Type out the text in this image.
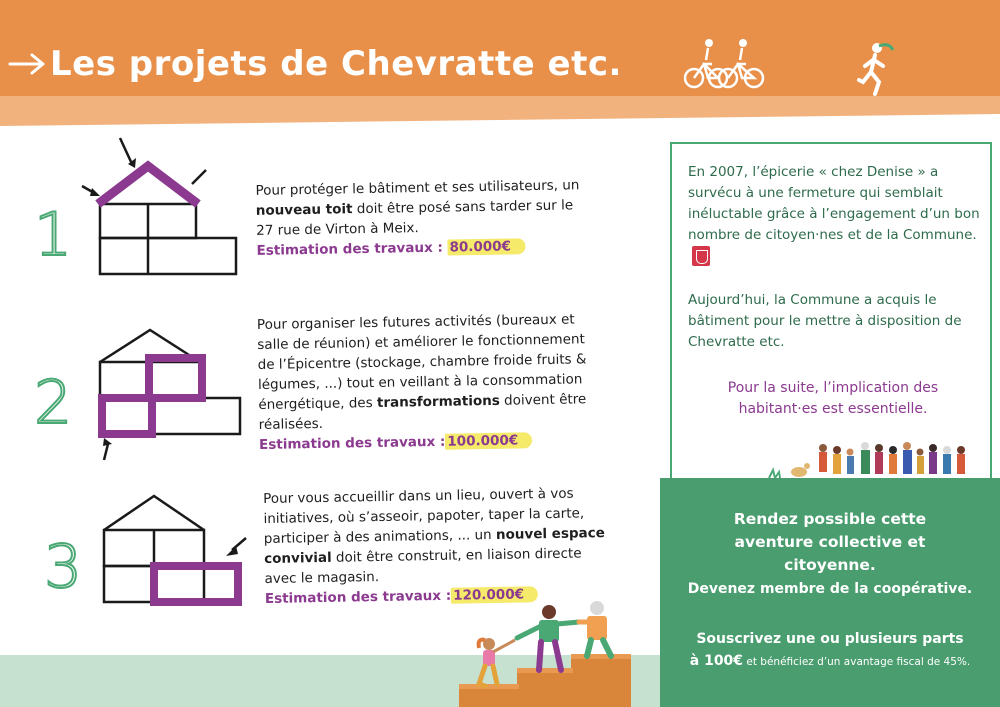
Les projets de Chevratte etc.
1

Pour protéger le bâtiment et ses utilisateurs, un nouveau toit doit être posé sans tarder sur le 27 rue de Virton à Meix.
Estimation des travaux : 80.000€

2

Pour organiser les futures activités (bureaux et salle de réunion) et améliorer le fonctionnement de l’Épicentre (stockage, chambre froide fruits & légumes, ...) tout en veillant à la consommation énergétique, des transformations doivent être réalisées.
Estimation des travaux : 100.000€

3

Pour vous accueillir dans un lieu, ouvert à vos initiatives, où s’asseoir, papoter, taper la carte, participer à des animations, ... un nouvel espace convivial doit être construit, en liaison directe avec le magasin.
Estimation des travaux : 120.000€

En 2007, l’épicerie « chez Denise » a survécu à une fermeture qui semblait inéluctable grâce à l’engagement d’un bon nombre de citoyen·nes et de la Commune.

Aujourd’hui, la Commune a acquis le bâtiment pour le mettre à disposition de Chevratte etc.

Pour la suite, l’implication des habitant·es est essentielle.

Rendez possible cette aventure collective et citoyenne.

Devenez membre de la coopérative.

Souscrivez une ou plusieurs parts
à 100€ et bénéficiez d’un avantage fiscal de 45%.
